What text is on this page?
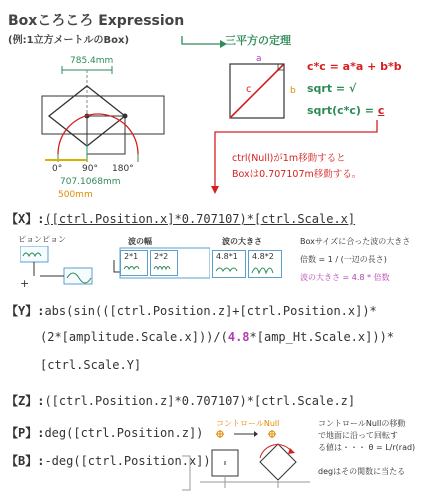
Boxころころ Expression
(例:1立方メートルのBox)
785.4mm
0° 90° 180°
707.1068mm
500mm
三平方の定理
a
b
c
c*c = a*a + b*b
sqrt = √
sqrt(c*c) = c
ctrl(Null)が1m移動すると
Boxは0.707107m移動する。
【X】:([ctrl.Position.x]*0.707107)*[ctrl.Scale.x]
ピョンピョン	波の幅	波の大きさ
+
2*1 2*2	4.8*1 4.8*2
Boxサイズに合った波の大きさ
倍数 = 1 / (一辺の長さ)
波の大きさ = 4.8 * 倍数
【Y】:abs(sin(([ctrl.Position.z]+[ctrl.Position.x])*
(2*[amplitude.Scale.x]))/(4.8*[amp_Ht.Scale.x]))*
[ctrl.Scale.Y]
【Z】:([ctrl.Position.z]*0.707107)*[ctrl.Scale.z]
【P】:deg([ctrl.Position.z])
【B】:-deg([ctrl.Position.x])
コントロールNull	コントロールNullの移動
で地面に沿って回転す
る値は・・・ θ = L/r(rad)
degはその関数に当たる
